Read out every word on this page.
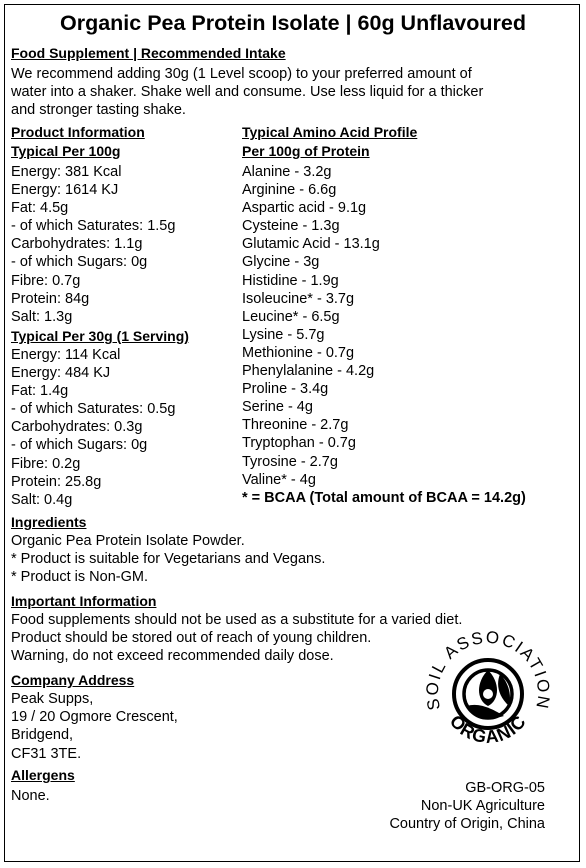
Organic Pea Protein Isolate | 60g Unflavoured
Food Supplement | Recommended Intake
We recommend adding 30g (1 Level scoop) to your preferred amount of
water into a shaker. Shake well and consume. Use less liquid for a thicker
and stronger tasting shake.
Product Information
Typical Per 100g
Energy: 381 Kcal
Energy: 1614 KJ
Fat: 4.5g
- of which Saturates: 1.5g
Carbohydrates: 1.1g
- of which Sugars: 0g
Fibre: 0.7g
Protein: 84g
Salt: 1.3g
Typical Per 30g (1 Serving)
Energy: 114 Kcal
Energy: 484 KJ
Fat: 1.4g
- of which Saturates: 0.5g
Carbohydrates: 0.3g
- of which Sugars: 0g
Fibre: 0.2g
Protein: 25.8g
Salt: 0.4g
Typical Amino Acid Profile
Per 100g of Protein
Alanine - 3.2g
Arginine - 6.6g
Aspartic acid - 9.1g
Cysteine - 1.3g
Glutamic Acid - 13.1g
Glycine - 3g
Histidine - 1.9g
Isoleucine* - 3.7g
Leucine* - 6.5g
Lysine - 5.7g
Methionine - 0.7g
Phenylalanine - 4.2g
Proline - 3.4g
Serine - 4g
Threonine - 2.7g
Tryptophan - 0.7g
Tyrosine - 2.7g
Valine* - 4g
* = BCAA (Total amount of BCAA = 14.2g)
Ingredients
Organic Pea Protein Isolate Powder.
* Product is suitable for Vegetarians and Vegans.
* Product is Non-GM.
Important Information
Food supplements should not be used as a substitute for a varied diet.
Product should be stored out of reach of young children.
Warning, do not exceed recommended daily dose.
Company Address
Peak Supps,
19 / 20 Ogmore Crescent,
Bridgend,
CF31 3TE.
Allergens
None.	GB-ORG-05
Non-UK Agriculture
Country of Origin, China
SOIL ASSOCIATION
ORGANIC
